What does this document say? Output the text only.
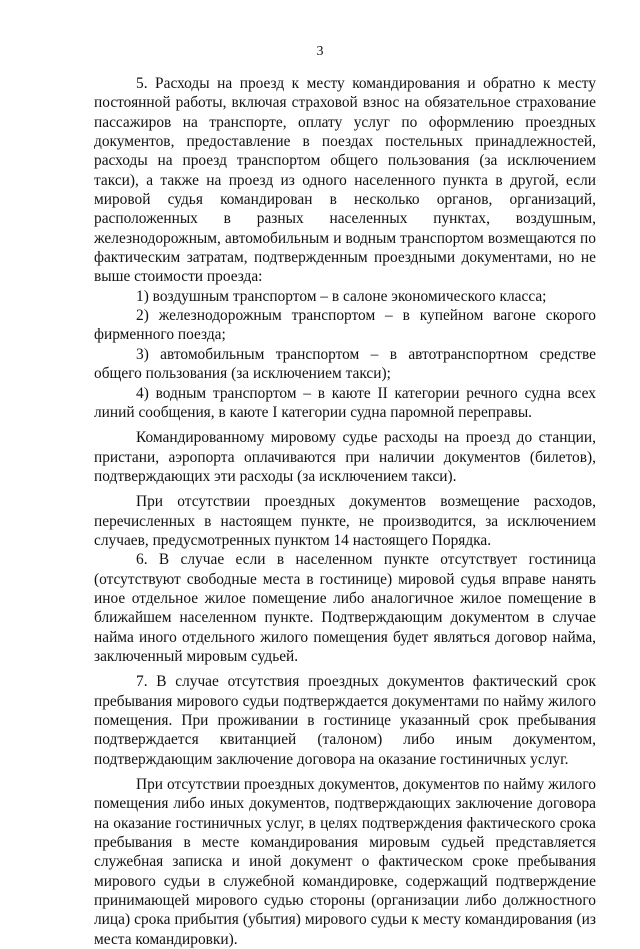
3

5. Расходы на проезд к месту командирования и обратно к месту постоянной работы, включая страховой взнос на обязательное страхование пассажиров на транспорте, оплату услуг по оформлению проездных документов, предоставление в поездах постельных принадлежностей, расходы на проезд транспортом общего пользования (за исключением такси), а также на проезд из одного населенного пункта в другой, если мировой судья командирован в несколько органов, организаций, расположенных в разных населенных пунктах, воздушным, железнодорожным, автомобильным и водным транспортом возмещаются по фактическим затратам, подтвержденным проездными документами, но не выше стоимости проезда:

1) воздушным транспортом – в салоне экономического класса;

2) железнодорожным транспортом – в купейном вагоне скорого фирменного поезда;

3) автомобильным транспортом – в автотранспортном средстве общего пользования (за исключением такси);

4) водным транспортом – в каюте II категории речного судна всех линий сообщения, в каюте I категории судна паромной переправы.

Командированному мировому судье расходы на проезд до станции, пристани, аэропорта оплачиваются при наличии документов (билетов), подтверждающих эти расходы (за исключением такси).

При отсутствии проездных документов возмещение расходов, перечисленных в настоящем пункте, не производится, за исключением случаев, предусмотренных пунктом 14 настоящего Порядка.

6. В случае если в населенном пункте отсутствует гостиница (отсутствуют свободные места в гостинице) мировой судья вправе нанять иное отдельное жилое помещение либо аналогичное жилое помещение в ближайшем населенном пункте. Подтверждающим документом в случае найма иного отдельного жилого помещения будет являться договор найма, заключенный мировым судьей.

7. В случае отсутствия проездных документов фактический срок пребывания мирового судьи подтверждается документами по найму жилого помещения. При проживании в гостинице указанный срок пребывания подтверждается квитанцией (талоном) либо иным документом, подтверждающим заключение договора на оказание гостиничных услуг.

При отсутствии проездных документов, документов по найму жилого помещения либо иных документов, подтверждающих заключение договора на оказание гостиничных услуг, в целях подтверждения фактического срока пребывания в месте командирования мировым судьей представляется служебная записка и иной документ о фактическом сроке пребывания мирового судьи в служебной командировке, содержащий подтверждение принимающей мирового судью стороны (организации либо должностного лица) срока прибытия (убытия) мирового судьи к месту командирования (из места командировки).
